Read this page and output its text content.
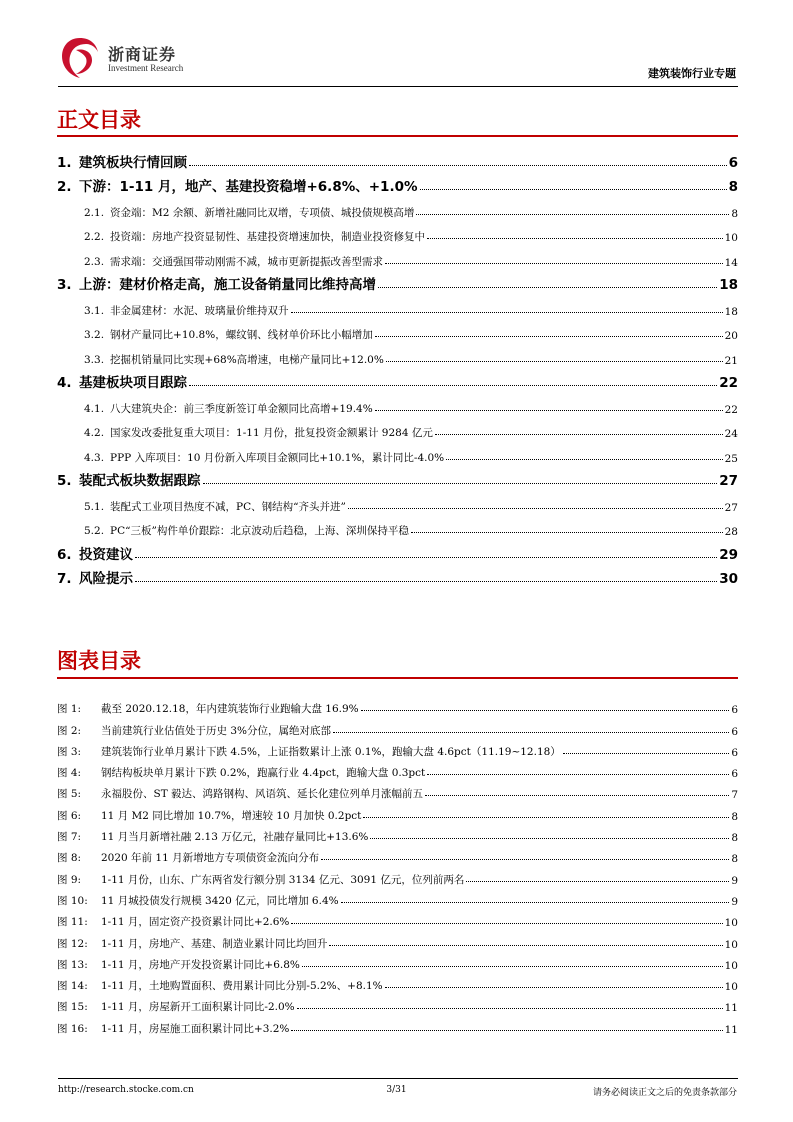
浙商证券
Investment Research	建筑装饰行业专题
正文目录
1. 建筑板块行情回顾	6
2. 下游：1-11 月，地产、基建投资稳增+6.8%、+1.0%	8
2.1. 资金端：M2 余额、新增社融同比双增，专项债、城投债规模高增	8
2.2. 投资端：房地产投资显韧性、基建投资增速加快，制造业投资修复中	10
2.3. 需求端：交通强国带动刚需不减，城市更新提振改善型需求	14
3. 上游：建材价格走高，施工设备销量同比维持高增	18
3.1. 非金属建材：水泥、玻璃量价维持双升	18
3.2. 钢材产量同比+10.8%，螺纹钢、线材单价环比小幅增加	20
3.3. 挖掘机销量同比实现+68%高增速，电梯产量同比+12.0%	21
4. 基建板块项目跟踪	22
4.1. 八大建筑央企：前三季度新签订单金额同比高增+19.4%	22
4.2. 国家发改委批复重大项目：1-11 月份，批复投资金额累计 9284 亿元	24
4.3. PPP 入库项目：10 月份新入库项目金额同比+10.1%，累计同比-4.0%	25
5. 装配式板块数据跟踪	27
5.1. 装配式工业项目热度不减，PC、钢结构“齐头并进”	27
5.2. PC“三板”构件单价跟踪：北京波动后趋稳，上海、深圳保持平稳	28
6. 投资建议	29
7. 风险提示	30
图表目录
图 1: 截至 2020.12.18，年内建筑装饰行业跑输大盘 16.9%	6
图 2: 当前建筑行业估值处于历史 3%分位，属绝对底部	6
图 3: 建筑装饰行业单月累计下跌 4.5%，上证指数累计上涨 0.1%，跑输大盘 4.6pct（11.19~12.18）	6
图 4: 钢结构板块单月累计下跌 0.2%，跑赢行业 4.4pct，跑输大盘 0.3pct	6
图 5: 永福股份、ST 毅达、鸿路钢构、风语筑、延长化建位列单月涨幅前五	7
图 6: 11 月 M2 同比增加 10.7%，增速较 10 月加快 0.2pct	8
图 7: 11 月当月新增社融 2.13 万亿元，社融存量同比+13.6%	8
图 8: 2020 年前 11 月新增地方专项债资金流向分布	8
图 9: 1-11 月份，山东、广东两省发行额分别 3134 亿元、3091 亿元，位列前两名	9
图 10: 11 月城投债发行规模 3420 亿元，同比增加 6.4%	9
图 11: 1-11 月，固定资产投资累计同比+2.6%	10
图 12: 1-11 月，房地产、基建、制造业累计同比均回升	10
图 13: 1-11 月，房地产开发投资累计同比+6.8%	10
图 14: 1-11 月，土地购置面积、费用累计同比分别-5.2%、+8.1%	10
图 15: 1-11 月，房屋新开工面积累计同比-2.0%	11
图 16: 1-11 月，房屋施工面积累计同比+3.2%	11
http://research.stocke.com.cn	3/31	请务必阅读正文之后的免责条款部分
